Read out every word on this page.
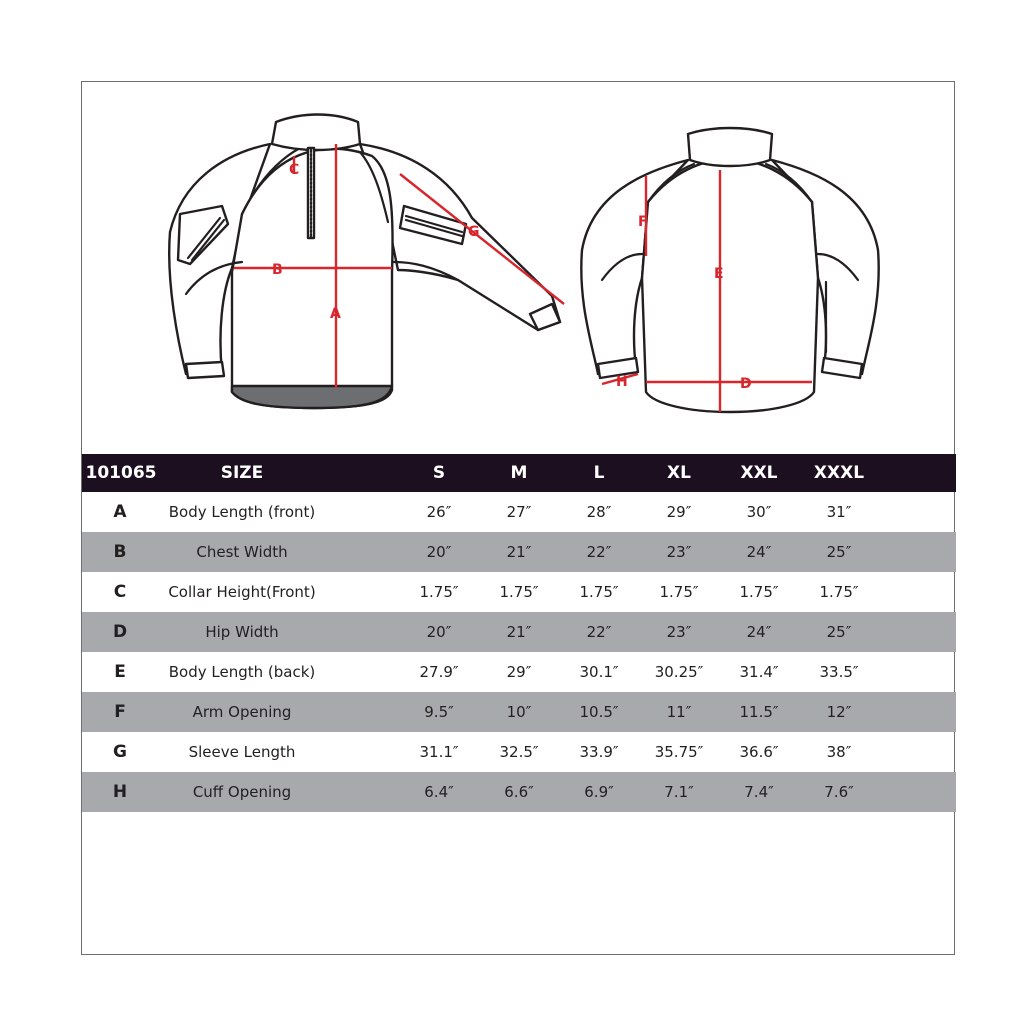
C
B
A
G
F
E
D
H
101065	SIZE	S	M	L	XL	XXL	XXXL
A	Body Length (front)	26″	27″	28″	29″	30″	31″
B	Chest Width	20″	21″	22″	23″	24″	25″
C	Collar Height(Front)	1.75″	1.75″	1.75″	1.75″	1.75″	1.75″
D	Hip Width	20″	21″	22″	23″	24″	25″
E	Body Length (back)	27.9″	29″	30.1″	30.25″	31.4″	33.5″
F	Arm Opening	9.5″	10″	10.5″	11″	11.5″	12″
G	Sleeve Length	31.1″	32.5″	33.9″	35.75″	36.6″	38″
H	Cuff Opening	6.4″	6.6″	6.9″	7.1″	7.4″	7.6″
